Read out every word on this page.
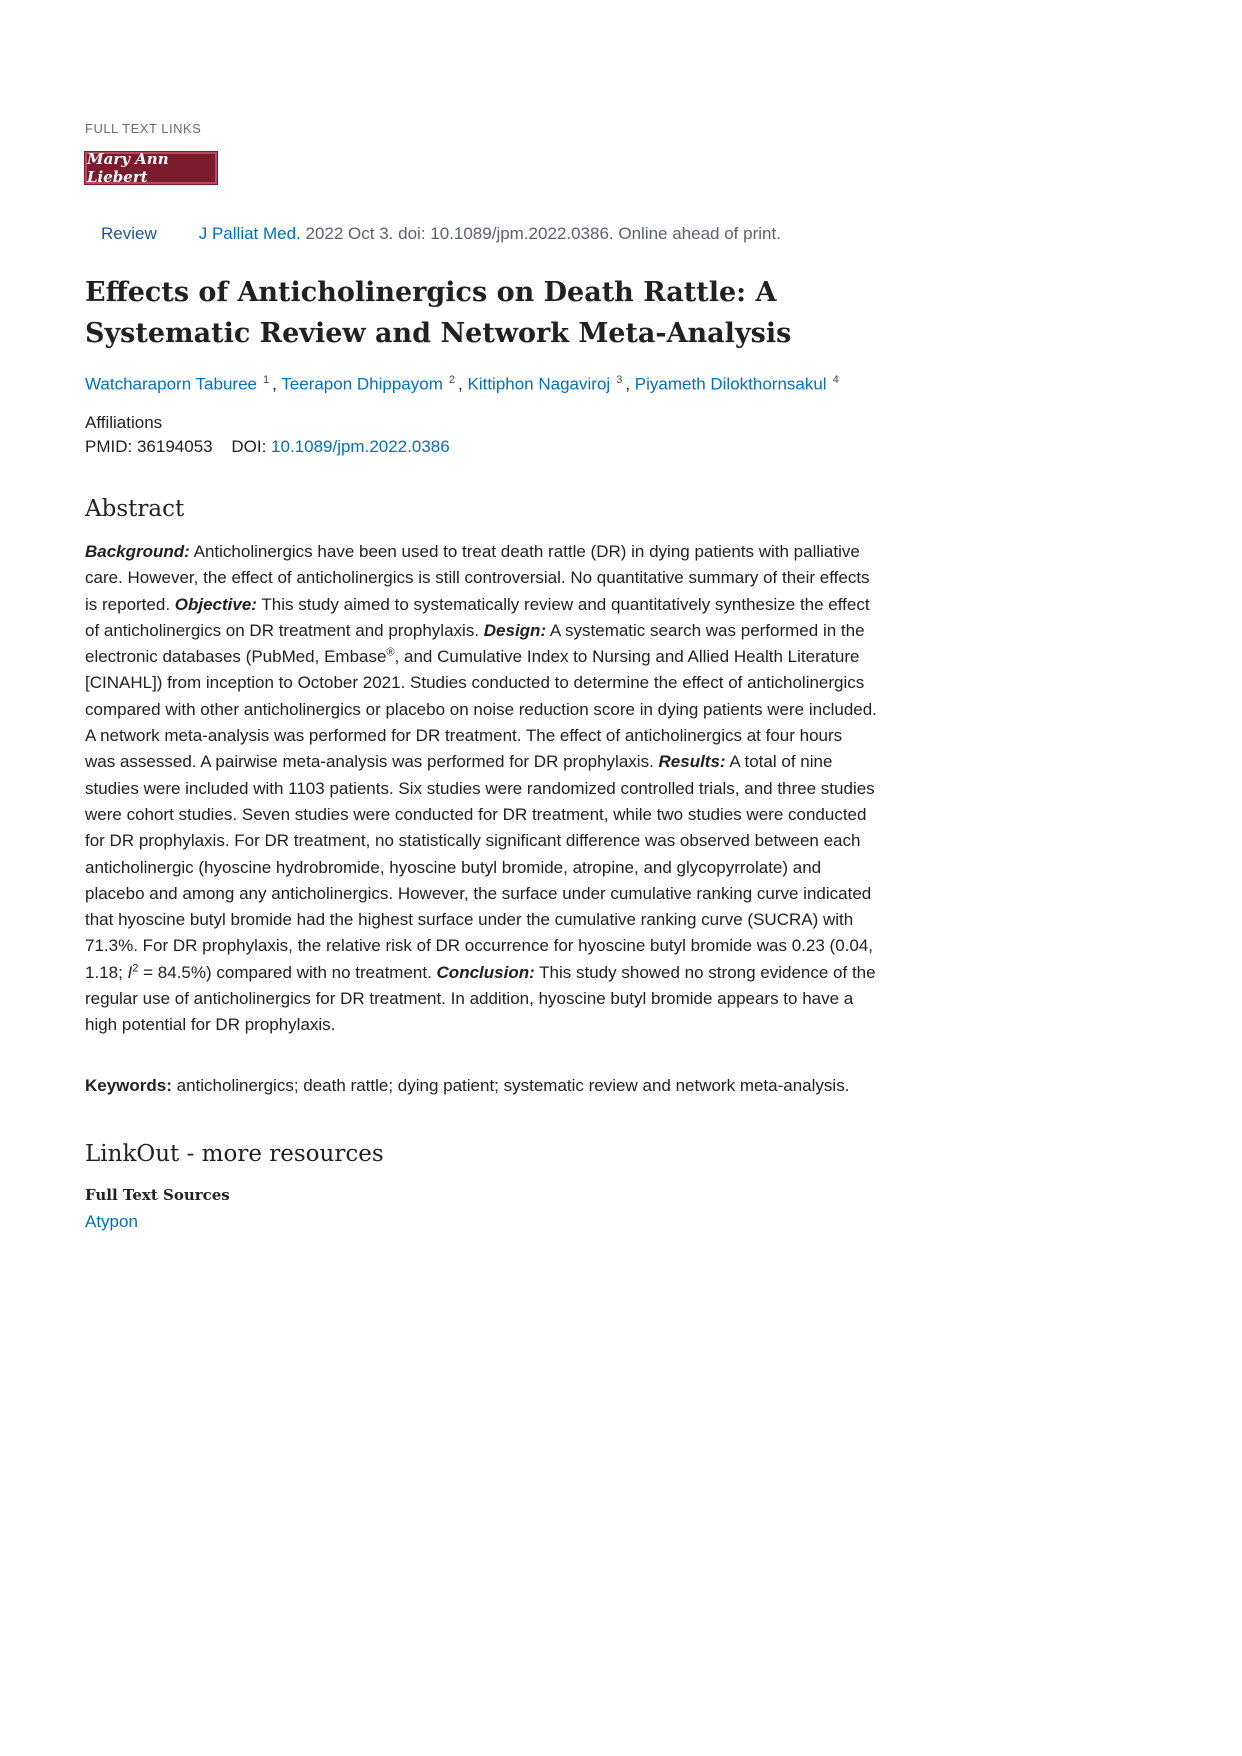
FULL TEXT LINKS
Mary Ann Liebert
Review J Palliat Med. 2022 Oct 3. doi: 10.1089/jpm.2022.0386. Online ahead of print.
Effects of Anticholinergics on Death Rattle: A Systematic Review and Network Meta-Analysis
Watcharaporn Taburee $^1$ , Teerapon Dhippayom $^2$ , Kittiphon Nagaviroj $^3$ , Piyameth Dilokthornsakul $^4$
Affiliations
PMID: 36194053 DOI: 10.1089/jpm.2022.0386
Abstract

Background: Anticholinergics have been used to treat death rattle (DR) in dying patients with palliative care. However, the effect of anticholinergics is still controversial. No quantitative summary of their effects is reported. Objective: This study aimed to systematically review and quantitatively synthesize the effect of anticholinergics on DR treatment and prophylaxis. Design: A systematic search was performed in the electronic databases (PubMed, Embase®, and Cumulative Index to Nursing and Allied Health Literature [CINAHL]) from inception to October 2021. Studies conducted to determine the effect of anticholinergics compared with other anticholinergics or placebo on noise reduction score in dying patients were included. A network meta-analysis was performed for DR treatment. The effect of anticholinergics at four hours was assessed. A pairwise meta-analysis was performed for DR prophylaxis. Results: A total of nine studies were included with 1103 patients. Six studies were randomized controlled trials, and three studies were cohort studies. Seven studies were conducted for DR treatment, while two studies were conducted for DR prophylaxis. For DR treatment, no statistically significant difference was observed between each anticholinergic (hyoscine hydrobromide, hyoscine butyl bromide, atropine, and glycopyrrolate) and placebo and among any anticholinergics. However, the surface under cumulative ranking curve indicated that hyoscine butyl bromide had the highest surface under the cumulative ranking curve (SUCRA) with 71.3%. For DR prophylaxis, the relative risk of DR occurrence for hyoscine butyl bromide was 0.23 (0.04, 1.18; $I^2 = 84.5\%$) compared with no treatment. Conclusion: This study showed no strong evidence of the regular use of anticholinergics for DR treatment. In addition, hyoscine butyl bromide appears to have a high potential for DR prophylaxis.

Keywords: anticholinergics; death rattle; dying patient; systematic review and network meta-analysis.

LinkOut - more resources
Full Text Sources
Atypon
